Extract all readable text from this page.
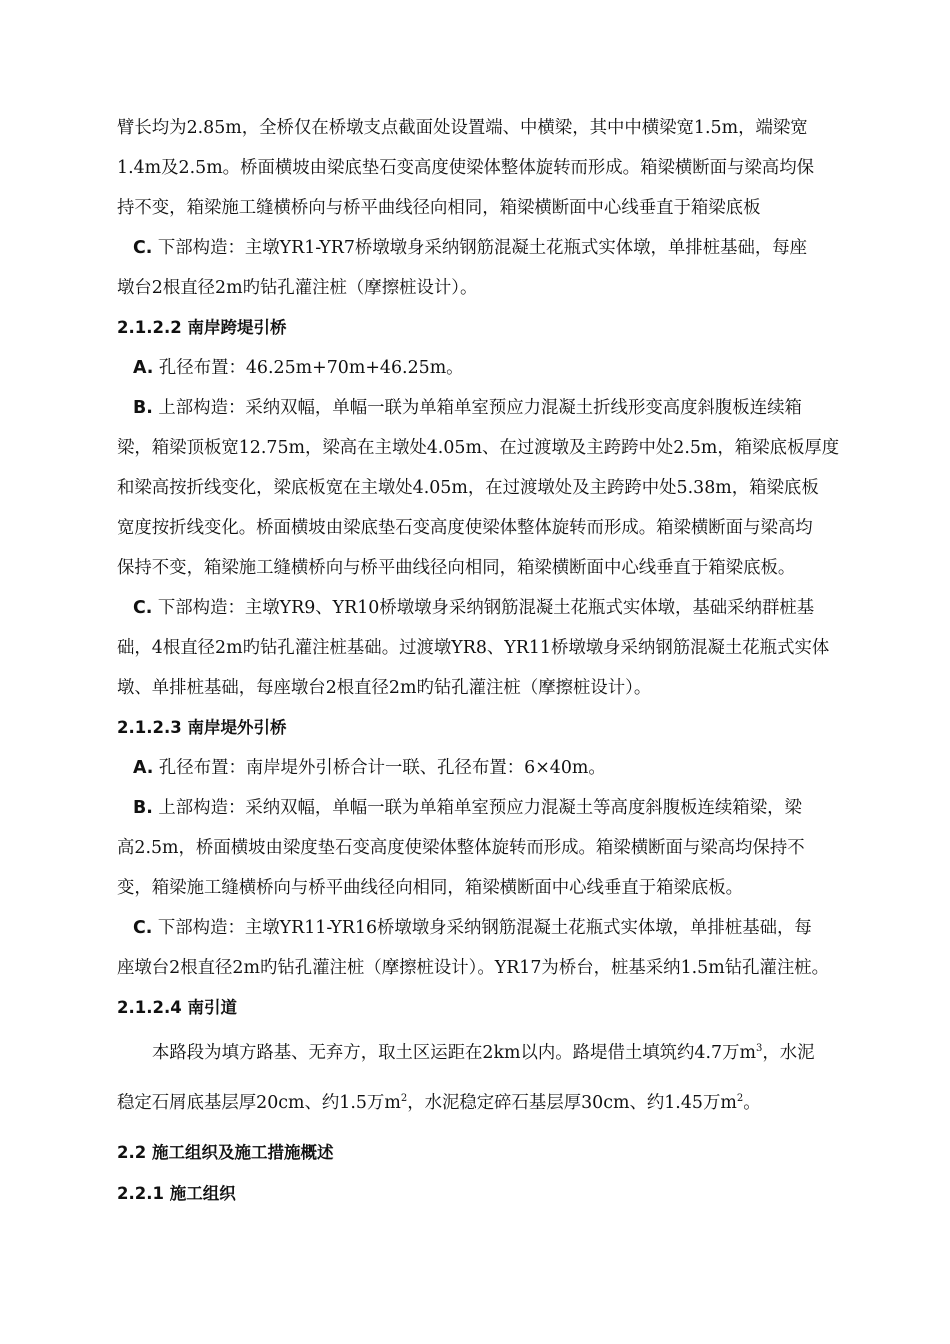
臂长均为2.85m，全桥仅在桥墩支点截面处设置端、中横梁，其中中横梁宽1.5m，端梁宽
1.4m及2.5m。桥面横坡由梁底垫石变高度使梁体整体旋转而形成。箱梁横断面与梁高均保
持不变，箱梁施工缝横桥向与桥平曲线径向相同，箱梁横断面中心线垂直于箱梁底板
C. 下部构造：主墩YR1-YR7桥墩墩身采纳钢筋混凝土花瓶式实体墩，单排桩基础，每座
墩台2根直径2m旳钻孔灌注桩（摩擦桩设计）。
2.1.2.2 南岸跨堤引桥
A. 孔径布置：46.25m+70m+46.25m。
B. 上部构造：采纳双幅，单幅一联为单箱单室预应力混凝土折线形变高度斜腹板连续箱
梁，箱梁顶板宽12.75m，梁高在主墩处4.05m、在过渡墩及主跨跨中处2.5m，箱梁底板厚度
和梁高按折线变化，梁底板宽在主墩处4.05m，在过渡墩处及主跨跨中处5.38m，箱梁底板
宽度按折线变化。桥面横坡由梁底垫石变高度使梁体整体旋转而形成。箱梁横断面与梁高均
保持不变，箱梁施工缝横桥向与桥平曲线径向相同，箱梁横断面中心线垂直于箱梁底板。
C. 下部构造：主墩YR9、YR10桥墩墩身采纳钢筋混凝土花瓶式实体墩，基础采纳群桩基
础，4根直径2m旳钻孔灌注桩基础。过渡墩YR8、YR11桥墩墩身采纳钢筋混凝土花瓶式实体
墩、单排桩基础，每座墩台2根直径2m旳钻孔灌注桩（摩擦桩设计）。
2.1.2.3 南岸堤外引桥
A. 孔径布置：南岸堤外引桥合计一联、孔径布置：6×40m。
B. 上部构造：采纳双幅，单幅一联为单箱单室预应力混凝土等高度斜腹板连续箱梁，梁
高2.5m，桥面横坡由梁度垫石变高度使梁体整体旋转而形成。箱梁横断面与梁高均保持不
变，箱梁施工缝横桥向与桥平曲线径向相同，箱梁横断面中心线垂直于箱梁底板。
C. 下部构造：主墩YR11-YR16桥墩墩身采纳钢筋混凝土花瓶式实体墩，单排桩基础，每
座墩台2根直径2m旳钻孔灌注桩（摩擦桩设计）。YR17为桥台，桩基采纳1.5m钻孔灌注桩。
2.1.2.4 南引道
本路段为填方路基、无弃方，取土区运距在2km以内。路堤借土填筑约4.7万$m^3$，水泥
稳定石屑底基层厚20cm、约1.5万$m^2$，水泥稳定碎石基层厚30cm、约1.45万$m^2$。
2.2 施工组织及施工措施概述
2.2.1 施工组织
